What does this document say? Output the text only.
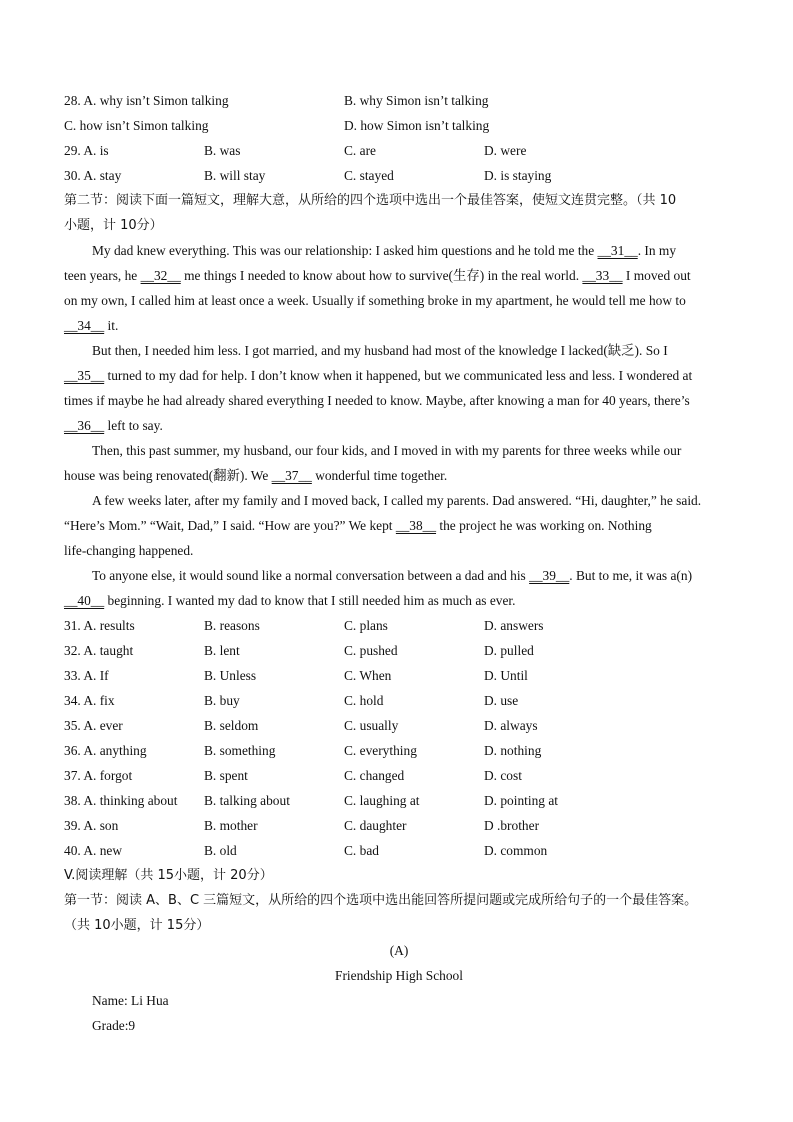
28. A. why isn’t Simon talking	B. why Simon isn’t talking
C. how isn’t Simon talking	D. how Simon isn’t talking
29. A. is	B. was	C. are	D. were
30. A. stay	B. will stay	C. stayed	D. is staying
第二节：阅读下面一篇短文，理解大意，从所给的四个选项中选出一个最佳答案，使短文连贯完整。（共 10
小题，计 10分）
My dad knew everything. This was our relationship: I asked him questions and he told me the __31__. In my
teen years, he __32__ me things I needed to know about how to survive(生存) in the real world. __33__ I moved out
on my own, I called him at least once a week. Usually if something broke in my apartment, he would tell me how to
__34__ it.
But then, I needed him less. I got married, and my husband had most of the knowledge I lacked(缺乏). So I
__35__ turned to my dad for help. I don’t know when it happened, but we communicated less and less. I wondered at
times if maybe he had already shared everything I needed to know. Maybe, after knowing a man for 40 years, there’s
__36__ left to say.
Then, this past summer, my husband, our four kids, and I moved in with my parents for three weeks while our
house was being renovated(翻新). We __37__ wonderful time together.
A few weeks later, after my family and I moved back, I called my parents. Dad answered. “Hi, daughter,” he said.
“Here’s Mom.” “Wait, Dad,” I said. “How are you?” We kept __38__ the project he was working on. Nothing
life-changing happened.
To anyone else, it would sound like a normal conversation between a dad and his __39__. But to me, it was a(n)
__40__ beginning. I wanted my dad to know that I still needed him as much as ever.
31. A. results	B. reasons	C. plans	D. answers
32. A. taught	B. lent	C. pushed	D. pulled
33. A. If	B. Unless	C. When	D. Until
34. A. fix	B. buy	C. hold	D. use
35. A. ever	B. seldom	C. usually	D. always
36. A. anything	B. something	C. everything	D. nothing
37. A. forgot	B. spent	C. changed	D. cost
38. A. thinking about B. talking about	C. laughing at	D. pointing at
39. A. son	B. mother	C. daughter	D .brother
40. A. new	B. old	C. bad	D. common
V.阅读理解（共 15小题，计 20分）
第一节：阅读 A、B、C 三篇短文，从所给的四个选项中选出能回答所提问题或完成所给句子的一个最佳答案。
（共 10小题，计 15分）
(A)
Friendship High School
Name: Li Hua
Grade:9
